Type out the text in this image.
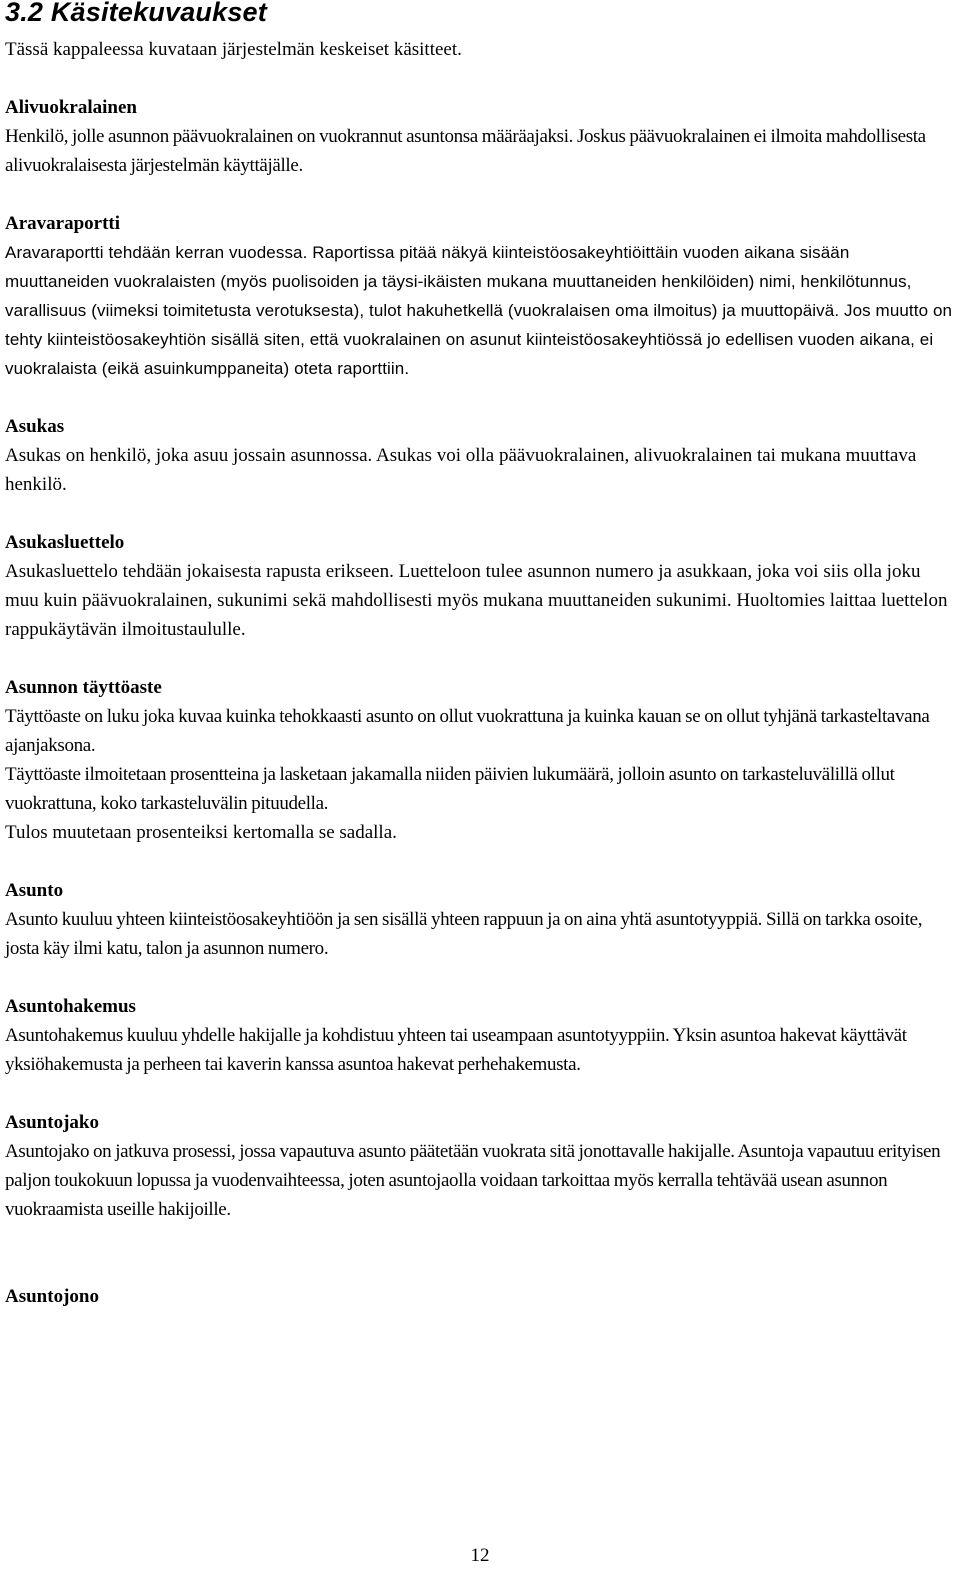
3.2 Käsitekuvaukset

Tässä kappaleessa kuvataan järjestelmän keskeiset käsitteet.

Alivuokralainen

Henkilö, jolle asunnon päävuokralainen on vuokrannut asuntonsa määräajaksi. Joskus päävuokralainen ei ilmoita mahdollisesta alivuokralaisesta järjestelmän käyttäjälle.

Aravaraportti

Aravaraportti tehdään kerran vuodessa. Raportissa pitää näkyä kiinteistöosakeyhtiöittäin vuoden aikana sisään muuttaneiden vuokralaisten (myös puolisoiden ja täysi-ikäisten mukana muuttaneiden henkilöiden) nimi, henkilötunnus, varallisuus (viimeksi toimitetusta verotuksesta), tulot hakuhetkellä (vuokralaisen oma ilmoitus) ja muuttopäivä. Jos muutto on tehty kiinteistöosakeyhtiön sisällä siten, että vuokralainen on asunut kiinteistöosakeyhtiössä jo edellisen vuoden aikana, ei vuokralaista (eikä asuinkumppaneita) oteta raporttiin.

Asukas

Asukas on henkilö, joka asuu jossain asunnossa. Asukas voi olla päävuokralainen, alivuokralainen tai mukana muuttava henkilö.

Asukasluettelo

Asukasluettelo tehdään jokaisesta rapusta erikseen. Luetteloon tulee asunnon numero ja asukkaan, joka voi siis olla joku muu kuin päävuokralainen, sukunimi sekä mahdollisesti myös mukana muuttaneiden sukunimi. Huoltomies laittaa luettelon rappukäytävän ilmoitustaululle.

Asunnon täyttöaste

Täyttöaste on luku joka kuvaa kuinka tehokkaasti asunto on ollut vuokrattuna ja kuinka kauan se on ollut tyhjänä tarkasteltavana ajanjaksona.

Täyttöaste ilmoitetaan prosentteina ja lasketaan jakamalla niiden päivien lukumäärä, jolloin asunto on tarkasteluvälillä ollut vuokrattuna, koko tarkasteluvälin pituudella.

Tulos muutetaan prosenteiksi kertomalla se sadalla.

Asunto

Asunto kuuluu yhteen kiinteistöosakeyhtiöön ja sen sisällä yhteen rappuun ja on aina yhtä asuntotyyppiä. Sillä on tarkka osoite, josta käy ilmi katu, talon ja asunnon numero.

Asuntohakemus

Asuntohakemus kuuluu yhdelle hakijalle ja kohdistuu yhteen tai useampaan asuntotyyppiin. Yksin asuntoa hakevat käyttävät yksiöhakemusta ja perheen tai kaverin kanssa asuntoa hakevat perhehakemusta.

Asuntojako

Asuntojako on jatkuva prosessi, jossa vapautuva asunto päätetään vuokrata sitä jonottavalle hakijalle. Asuntoja vapautuu erityisen paljon toukokuun lopussa ja vuodenvaihteessa, joten asuntojaolla voidaan tarkoittaa myös kerralla tehtävää usean asunnon vuokraamista useille hakijoille.

Asuntojono

12
